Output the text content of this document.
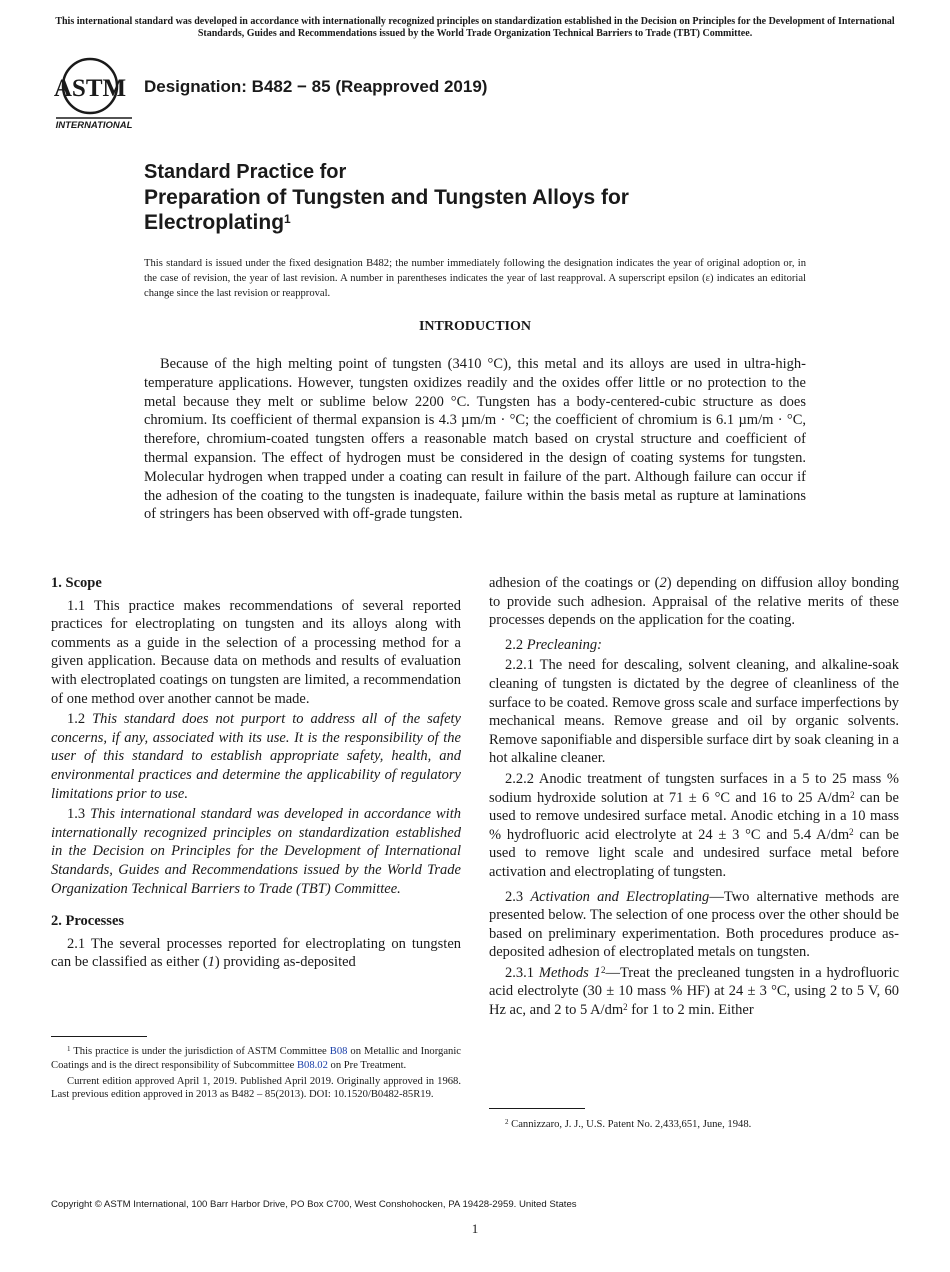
This international standard was developed in accordance with internationally recognized principles on standardization established in the Decision on Principles for the Development of International Standards, Guides and Recommendations issued by the World Trade Organization Technical Barriers to Trade (TBT) Committee.
ASTM
INTERNATIONAL
Designation: B482 − 85 (Reapproved 2019)
Standard Practice for
Preparation of Tungsten and Tungsten Alloys for
Electroplating$^1$
This standard is issued under the fixed designation B482; the number immediately following the designation indicates the year of original adoption or, in the case of revision, the year of last revision. A number in parentheses indicates the year of last reapproval. A superscript epsilon (ε) indicates an editorial change since the last revision or reapproval.
INTRODUCTION

Because of the high melting point of tungsten (3410 °C), this metal and its alloys are used in ultra-high-temperature applications. However, tungsten oxidizes readily and the oxides offer little or no protection to the metal because they melt or sublime below 2200 °C. Tungsten has a body-centered-cubic structure as does chromium. Its coefficient of thermal expansion is 4.3 µm/m · °C; the coefficient of chromium is 6.1 µm/m · °C, therefore, chromium-coated tungsten offers a reasonable match based on crystal structure and coefficient of thermal expansion. The effect of hydrogen must be considered in the design of coating systems for tungsten. Molecular hydrogen when trapped under a coating can result in failure of the part. Although failure can occur if the adhesion of the coating to the tungsten is inadequate, failure within the basis metal as rupture at laminations of stringers has been observed with off-grade tungsten.

1. Scope

1.1 This practice makes recommendations of several reported practices for electroplating on tungsten and its alloys along with comments as a guide in the selection of a processing method for a given application. Because data on methods and results of evaluation with electroplated coatings on tungsten are limited, a recommendation of one method over another cannot be made.

1.2 This standard does not purport to address all of the safety concerns, if any, associated with its use. It is the responsibility of the user of this standard to establish appropriate safety, health, and environmental practices and determine the applicability of regulatory limitations prior to use.

1.3 This international standard was developed in accordance with internationally recognized principles on standardization established in the Decision on Principles for the Development of International Standards, Guides and Recommendations issued by the World Trade Organization Technical Barriers to Trade (TBT) Committee.

2. Processes

2.1 The several processes reported for electroplating on tungsten can be classified as either (1) providing as-deposited

$^1$ This practice is under the jurisdiction of ASTM Committee B08 on Metallic and Inorganic Coatings and is the direct responsibility of Subcommittee B08.02 on Pre Treatment.

Current edition approved April 1, 2019. Published April 2019. Originally approved in 1968. Last previous edition approved in 2013 as B482 – 85(2013). DOI: 10.1520/B0482-85R19.

adhesion of the coatings or (2) depending on diffusion alloy bonding to provide such adhesion. Appraisal of the relative merits of these processes depends on the application for the coating.

2.2 Precleaning:

2.2.1 The need for descaling, solvent cleaning, and alkaline-soak cleaning of tungsten is dictated by the degree of cleanliness of the surface to be coated. Remove gross scale and surface imperfections by mechanical means. Remove grease and oil by organic solvents. Remove saponifiable and dispersible surface dirt by soak cleaning in a hot alkaline cleaner.

2.2.2 Anodic treatment of tungsten surfaces in a 5 to 25 mass % sodium hydroxide solution at 71 ± 6 °C and 16 to 25 $A/dm^2$ can be used to remove undesired surface metal. Anodic etching in a 10 mass % hydrofluoric acid electrolyte at 24 ± 3 °C and 5.4 $A/dm^2$ can be used to remove light scale and undesired surface metal before activation and electroplating of tungsten.

2.3 Activation and Electroplating—Two alternative methods are presented below. The selection of one process over the other should be based on preliminary experimentation. Both procedures produce as-deposited adhesion of electroplated metals on tungsten.

2.3.1 Methods $1^2—Treat$ the precleaned tungsten in a hydrofluoric acid electrolyte (30 ± 10 mass % HF) at 24 ± 3 °C, using 2 to 5 V, 60 Hz ac, and 2 to 5 $A/dm^2$ for 1 to 2 min. Either

$^2$ Cannizzaro, J. J., U.S. Patent No. 2,433,651, June, 1948.

Copyright © ASTM International, 100 Barr Harbor Drive, PO Box C700, West Conshohocken, PA 19428-2959. United States
1
